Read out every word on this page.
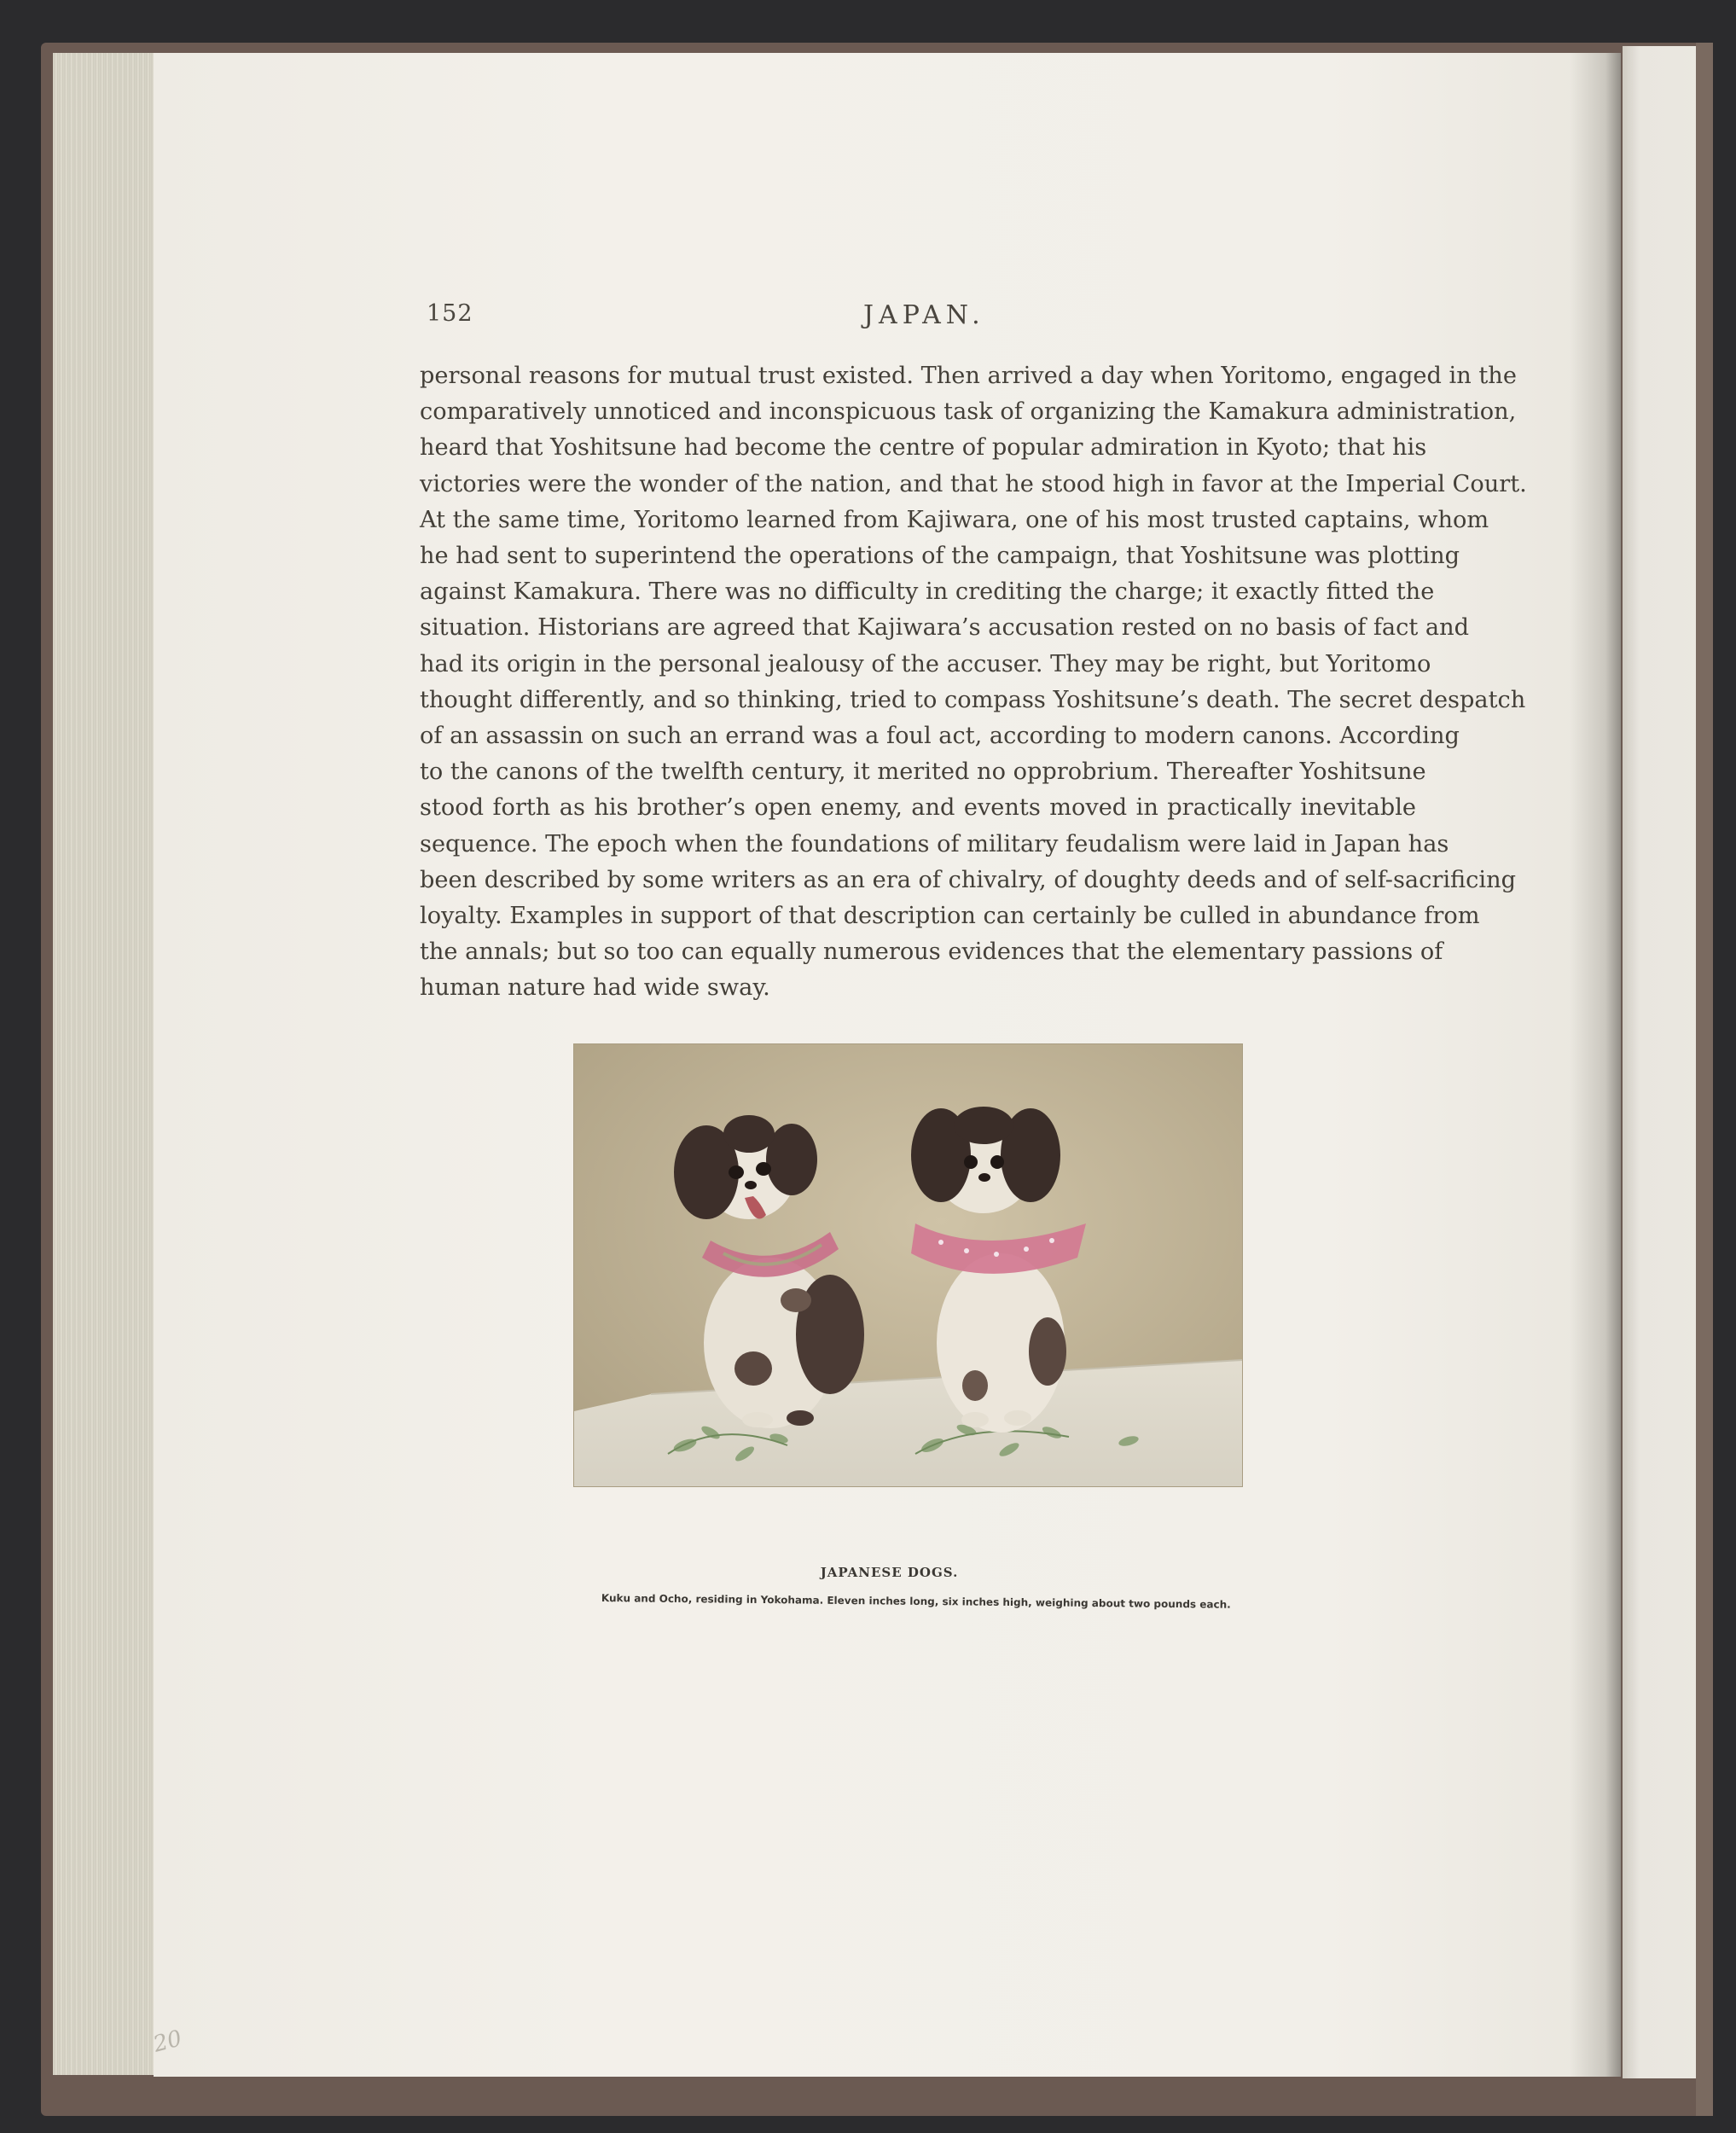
152	JAPAN.
personal reasons for mutual trust existed. Then arrived a day when Yoritomo, engaged in the
comparatively unnoticed and inconspicuous task of organizing the Kamakura administration,
heard that Yoshitsune had become the centre of popular admiration in Kyoto; that his
victories were the wonder of the nation, and that he stood high in favor at the Imperial Court.
At the same time, Yoritomo learned from Kajiwara, one of his most trusted captains, whom
he had sent to superintend the operations of the campaign, that Yoshitsune was plotting
against Kamakura. There was no difficulty in crediting the charge; it exactly fitted the
situation. Historians are agreed that Kajiwara’s accusation rested on no basis of fact and
had its origin in the personal jealousy of the accuser. They may be right, but Yoritomo
thought differently, and so thinking, tried to compass Yoshitsune’s death. The secret despatch
of an assassin on such an errand was a foul act, according to modern canons. According
to the canons of the twelfth century, it merited no opprobrium. Thereafter Yoshitsune
stood forth as his brother’s open enemy, and events moved in practically inevitable
sequence. The epoch when the foundations of military feudalism were laid in Japan has
been described by some writers as an era of chivalry, of doughty deeds and of self-sacrificing
loyalty. Examples in support of that description can certainly be culled in abundance from
the annals; but so too can equally numerous evidences that the elementary passions of
human nature had wide sway.
JAPANESE DOGS.
Kuku and Ocho, residing in Yokohama. Eleven inches long, six inches high, weighing about two pounds each.
20
